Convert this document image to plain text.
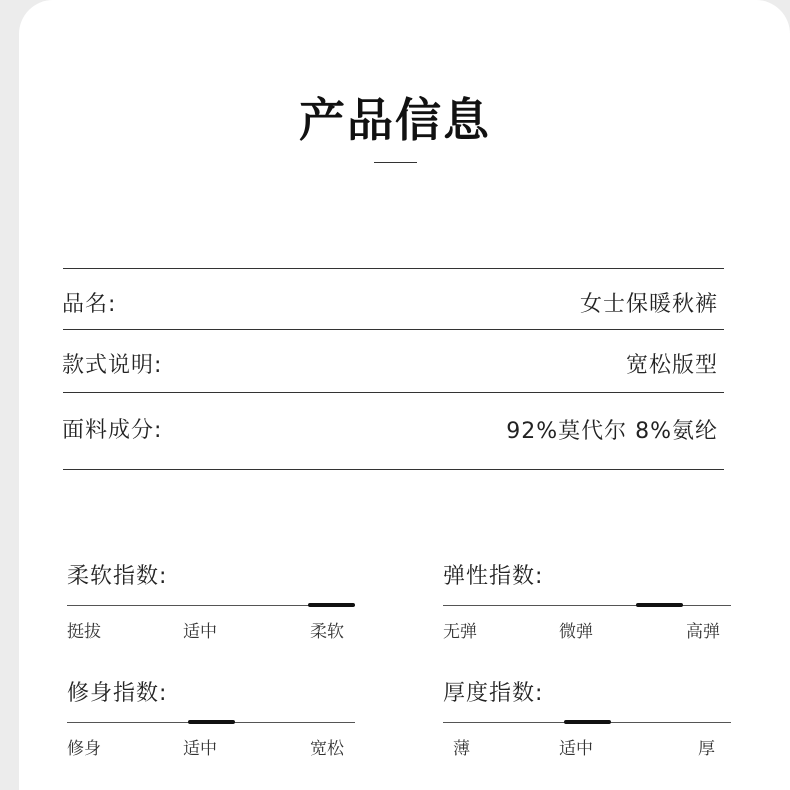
产品信息
品名:	女士保暖秋裤
款式说明:	宽松版型
面料成分:	92%莫代尔 8%氨纶
柔软指数:
挺拔	适中	柔软
弹性指数:
无弹	微弹	高弹
修身指数:
修身	适中	宽松
厚度指数:
薄	适中	厚
